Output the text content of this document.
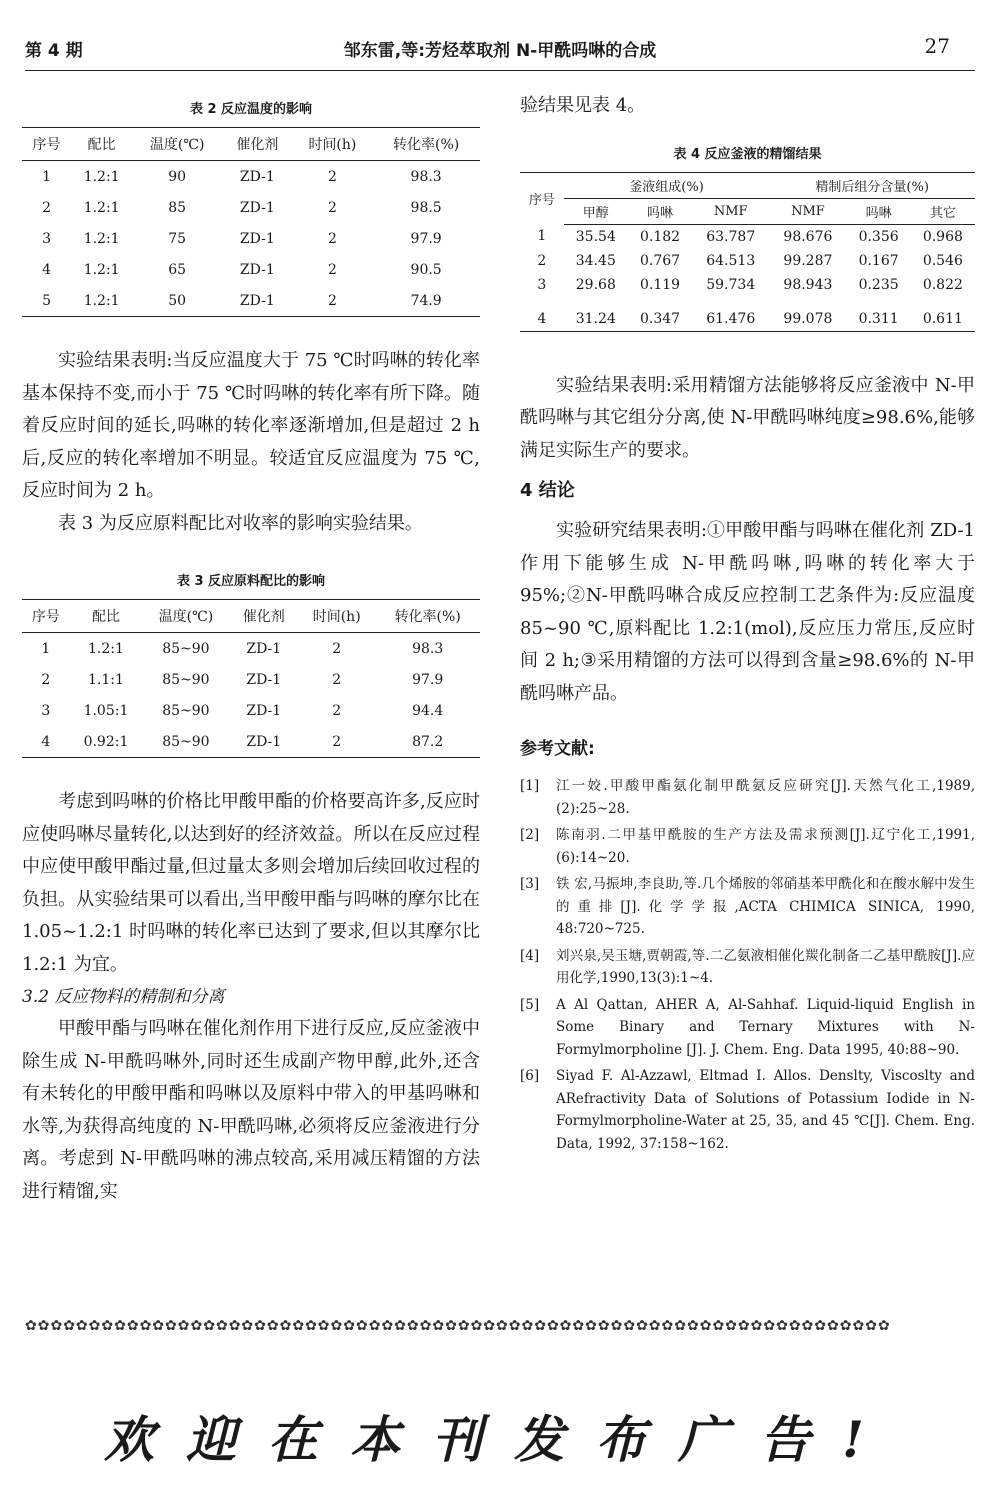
第 4 期	邹东雷,等:芳烃萃取剂 N-甲酰吗啉的合成	27
表 2 反应温度的影响
序号	配比	温度(℃)	催化剂	时间(h)	转化率(%)
1	1.2:1	90	ZD-1	2	98.3
2	1.2:1	85	ZD-1	2	98.5
3	1.2:1	75	ZD-1	2	97.9
4	1.2:1	65	ZD-1	2	90.5
5	1.2:1	50	ZD-1	2	74.9

实验结果表明:当反应温度大于 75 ℃时吗啉的转化率基本保持不变,而小于 75 ℃时吗啉的转化率有所下降。随着反应时间的延长,吗啉的转化率逐渐增加,但是超过 2 h 后,反应的转化率增加不明显。较适宜反应温度为 75 ℃,反应时间为 2 h。

表 3 为反应原料配比对收率的影响实验结果。

表 3 反应原料配比的影响
序号	配比	温度(℃)	催化剂	时间(h)	转化率(%)
1	1.2:1	85~90	ZD-1	2	98.3
2	1.1:1	85~90	ZD-1	2	97.9
3	1.05:1	85~90	ZD-1	2	94.4
4	0.92:1	85~90	ZD-1	2	87.2

考虑到吗啉的价格比甲酸甲酯的价格要高许多,反应时应使吗啉尽量转化,以达到好的经济效益。所以在反应过程中应使甲酸甲酯过量,但过量太多则会增加后续回收过程的负担。从实验结果可以看出,当甲酸甲酯与吗啉的摩尔比在 1.05~1.2:1 时吗啉的转化率已达到了要求,但以其摩尔比 1.2:1 为宜。

3.2 反应物料的精制和分离

甲酸甲酯与吗啉在催化剂作用下进行反应,反应釜液中除生成 N-甲酰吗啉外,同时还生成副产物甲醇,此外,还含有未转化的甲酸甲酯和吗啉以及原料中带入的甲基吗啉和水等,为获得高纯度的 N-甲酰吗啉,必须将反应釜液进行分离。考虑到 N-甲酰吗啉的沸点较高,采用减压精馏的方法进行精馏,实

验结果见表 4。

表 4 反应釜液的精馏结果
序号	釜液组成(%)			精制后组分含量(%)		
	甲醇	吗啉	NMF	NMF	吗啉	其它
1	35.54	0.182	63.787	98.676	0.356	0.968
2	34.45	0.767	64.513	99.287	0.167	0.546
3	29.68	0.119	59.734	98.943	0.235	0.822
4	31.24	0.347	61.476	99.078	0.311	0.611

实验结果表明:采用精馏方法能够将反应釜液中 N-甲酰吗啉与其它组分分离,使 N-甲酰吗啉纯度≥98.6%,能够满足实际生产的要求。

4 结论

实验研究结果表明:①甲酸甲酯与吗啉在催化剂 ZD-1 作用下能够生成 N-甲酰吗啉,吗啉的转化率大于 95%;②N-甲酰吗啉合成反应控制工艺条件为:反应温度 85~90 ℃,原料配比 1.2:1(mol),反应压力常压,反应时间 2 h;③采用精馏的方法可以得到含量≥98.6%的 N-甲酰吗啉产品。

参考文献:
[1]	江一姣.甲酸甲酯氨化制甲酰氨反应研究[J].天然气化工,1989,(2):25~28.
[2]	陈南羽.二甲基甲酰胺的生产方法及需求预测[J].辽宁化工,1991,(6):14~20.
[3]	铁 宏,马振坤,李良助,等.几个烯胺的邻硝基苯甲酰化和在酸水解中发生的重排[J].化学学报,ACTA CHIMICA SINICA, 1990, 48:720~725.
[4]	刘兴泉,吴玉塘,贾朝霞,等.二乙氨液相催化羰化制备二乙基甲酰胺[J].应用化学,1990,13(3):1~4.
[5]	A Al Qattan, AHER A, Al-Sahhaf. Liquid-liquid English in Some Binary and Ternary Mixtures with N-Formylmorpholine [J]. J. Chem. Eng. Data 1995, 40:88~90.
[6]	Siyad F. Al-Azzawl, Eltmad I. Allos. Denslty, Viscoslty and ARefractivity Data of Solutions of Potassium Iodide in N-Formylmorpholine-Water at 25, 35, and 45 ℃[J]. Chem. Eng. Data, 1992, 37:158~162.
✿✿✿✿✿✿✿✿✿✿✿✿✿✿✿✿✿✿✿✿✿✿✿✿✿✿✿✿✿✿✿✿✿✿✿✿✿✿✿✿✿✿✿✿✿✿✿✿✿✿✿✿✿✿✿✿✿✿✿✿✿✿✿✿✿✿✿✿
欢迎在本刊发布广告!
